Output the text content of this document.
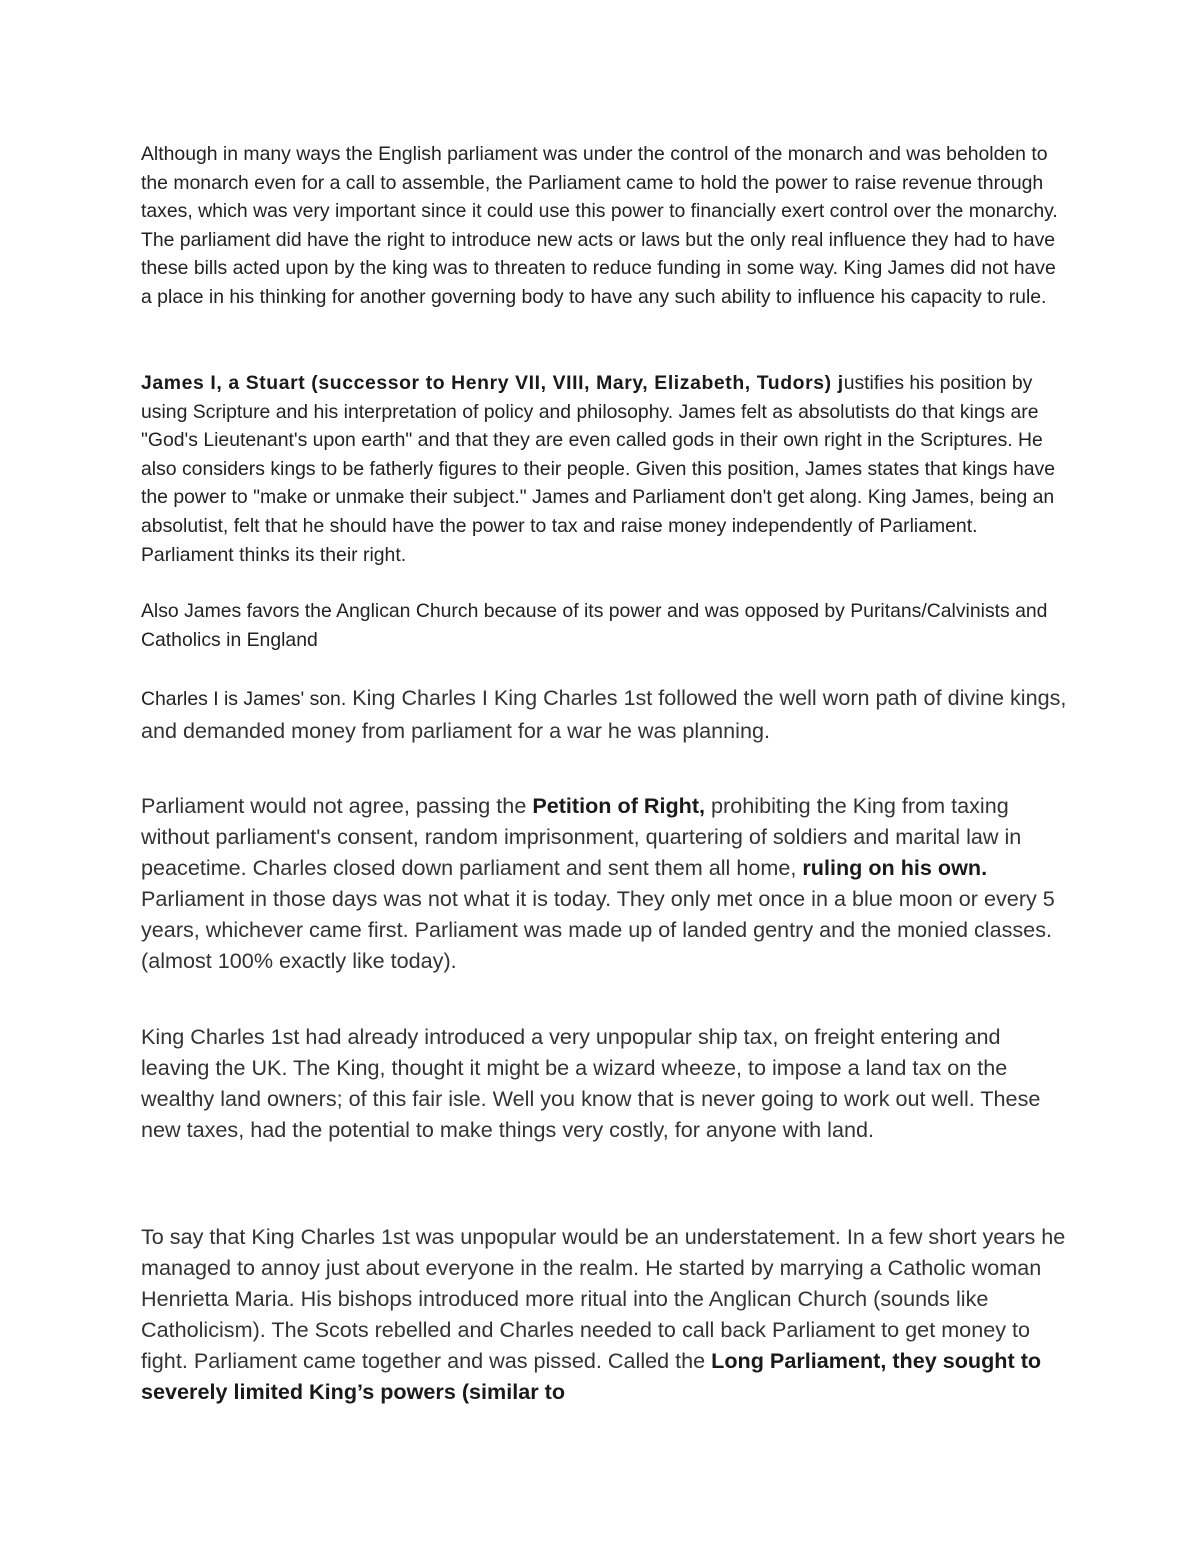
Although in many ways the English parliament was under the control of the monarch and was beholden to the monarch even for a call to assemble, the Parliament came to hold the power to raise revenue through taxes, which was very important since it could use this power to financially exert control over the monarchy. The parliament did have the right to introduce new acts or laws but the only real influence they had to have these bills acted upon by the king was to threaten to reduce funding in some way. King James did not have a place in his thinking for another governing body to have any such ability to influence his capacity to rule.

James I, a Stuart (successor to Henry VII, VIII, Mary, Elizabeth, Tudors) justifies his position by using Scripture and his interpretation of policy and philosophy. James felt as absolutists do that kings are "God's Lieutenant's upon earth" and that they are even called gods in their own right in the Scriptures. He also considers kings to be fatherly figures to their people. Given this position, James states that kings have the power to "make or unmake their subject." James and Parliament don't get along. King James, being an absolutist, felt that he should have the power to tax and raise money independently of Parliament. Parliament thinks its their right.

Also James favors the Anglican Church because of its power and was opposed by Puritans/Calvinists and Catholics in England

Charles I is James' son. King Charles I King Charles 1st followed the well worn path of divine kings, and demanded money from parliament for a war he was planning.

Parliament would not agree, passing the Petition of Right, prohibiting the King from taxing without parliament's consent, random imprisonment, quartering of soldiers and marital law in peacetime. Charles closed down parliament and sent them all home, ruling on his own. Parliament in those days was not what it is today. They only met once in a blue moon or every 5 years, whichever came first. Parliament was made up of landed gentry and the monied classes. (almost 100% exactly like today).

King Charles 1st had already introduced a very unpopular ship tax, on freight entering and leaving the UK. The King, thought it might be a wizard wheeze, to impose a land tax on the wealthy land owners; of this fair isle. Well you know that is never going to work out well. These new taxes, had the potential to make things very costly, for anyone with land.

To say that King Charles 1st was unpopular would be an understatement. In a few short years he managed to annoy just about everyone in the realm. He started by marrying a Catholic woman Henrietta Maria. His bishops introduced more ritual into the Anglican Church (sounds like Catholicism). The Scots rebelled and Charles needed to call back Parliament to get money to fight. Parliament came together and was pissed. Called the Long Parliament, they sought to severely limited King’s powers (similar to
